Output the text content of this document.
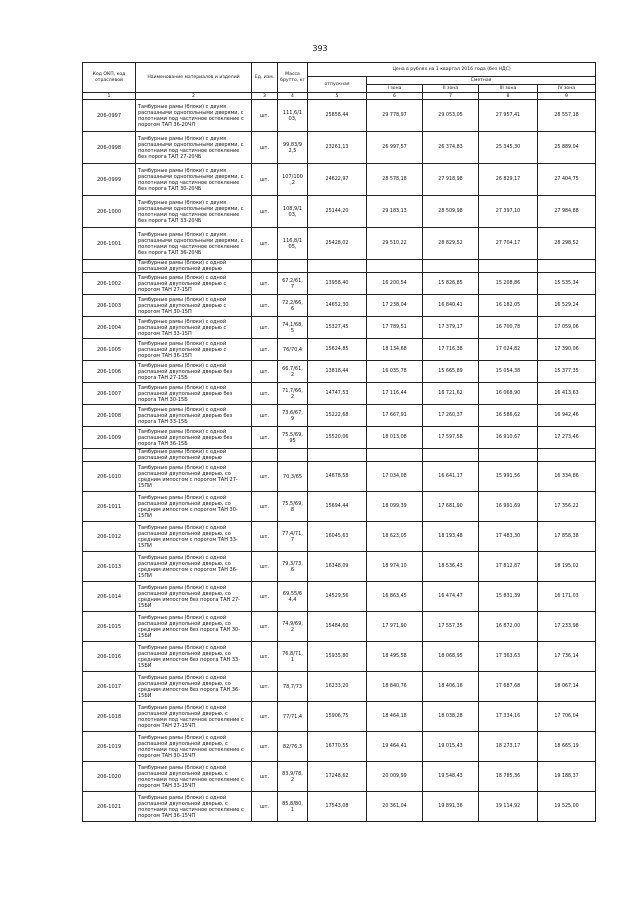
393
Код ОКП, код отраслевой	Наименование материалов и изделий	Ед. изм.	Масса брутто, кг	Цена в рублях на 1 квартал 2016 года (без НДС)				
				отпускная	Сметная			
					I зона	II зона	III зона	IV зона
1	2	3	4	5	6	7	8	9
206-0997	Тамбурные рамы (блоки) с двумя распашными однопольными дверями, с полотнами под частичное остекление с порогом ТАП 36-20ЧЛ	шт.	111,6/1 03,	25858,44	29 778,97	29 053,05	27 957,41	28 557,18
206-0998	Тамбурные рамы (блоки) с двумя распашными однопольными дверями, с полотнами под частичное остекление без порога ТАП 27-20ЧБ	шт.	99,83/9 2,5	23261,13	26 997,57	26 374,83	25 345,30	25 889,04
206-0999	Тамбурные рамы (блоки) с двумя распашными однопольными дверями, с полотнами под частичное остекление без порога ТАП 30-20ЧБ	шт.	107/100 ,2	24622,97	28 578,18	27 918,98	26 829,17	27 404,75
206-1000	Тамбурные рамы (блоки) с двумя распашными однопольными дверями, с полотнами под частичное остекление без порога ТАП 33-20ЧБ	шт.	108,9/1 03,	25144,20	29 183,13	28 509,98	27 397,10	27 984,88
206-1001	Тамбурные рамы (блоки) с двумя распашными однопольными дверями, с полотнами под частичное остекление без порога ТАП 36-20ЧБ	шт.	116,8/1 05,	25428,02	29 510,22	28 829,52	27 704,17	28 298,52
	Тамбурные рамы (блоки) с одной распашной двупольной дверью							
206-1002	Тамбурные рамы (блоки) с одной распашной двупольной дверью с порогом ТАН 27-15П	шт.	67,2/61, 7	13958,40	16 200,54	15 826,85	15 208,86	15 535,34
206-1003	Тамбурные рамы (блоки) с одной распашной двупольной дверью с порогом ТАН 30-15П	шт.	72,2/66, 6	14652,30	17 238,04	16 840,41	16 182,05	16 529,24
206-1004	Тамбурные рамы (блоки) с одной распашной двупольной дверью с порогом ТАН 33-15П	шт.	74,1/68, 5	15327,45	17 789,51	17 379,17	16 700,78	17 059,06
206-1005	Тамбурные рамы (блоки) с одной распашной двупольной дверью с порогом ТАН 36-15П	шт.	76/70,4	15624,85	18 134,68	17 716,38	17 024,82	17 390,06
206-1006	Тамбурные рамы (блоки) с одной распашной двупольной дверью без порога ТАН 27-15Б	шт.	66,7/61, 2	13818,44	16 035,78	15 665,89	15 054,38	15 377,35
206-1007	Тамбурные рамы (блоки) с одной распашной двупольной дверью без порога ТАН 30-15Б	шт.	71,7/66, 2	14747,53	17 116,44	16 721,62	16 068,90	16 413,63
206-1008	Тамбурные рамы (блоки) с одной распашной двупольной дверью без порога ТАН 33-15Б	шт.	73,6/67, 9	15222,68	17 667,91	17 260,37	16 586,62	16 942,46
206-1009	Тамбурные рамы (блоки) с одной распашной двупольной дверью без порога ТАН 36-15Б	шт.	75,5/69, 95	15520,06	18 013,08	17 597,58	16 910,67	17 273,46
	Тамбурные рамы (блоки) с одной распашной двупольной дверью							
206-1010	Тамбурные рамы (блоки) с одной распашной двупольной дверью, со средним импостом с порогом ТАН 27-15ПИ	шт.	70,3/65	14678,58	17 034,08	16 641,17	15 991,56	16 334,86
206-1011	Тамбурные рамы (блоки) с одной распашной двупольной дверью, со средним импостом с порогом ТАН 30-15ПИ	шт.	75,5/69, 8	15694,44	18 099,39	17 681,90	16 991,69	17 356,22
206-1012	Тамбурные рамы (блоки) с одной распашной двупольной дверью, со средним импостом с порогом ТАН 33-15ПИ	шт.	77,4/71, 7	16045,63	18 623,05	18 193,48	17 483,30	17 858,38
206-1013	Тамбурные рамы (блоки) с одной распашной двупольной дверью, со средним импостом с порогом ТАН 36-15ПИ	шт.	79,3/73, 6	16348,09	18 974,10	18 536,43	17 812,87	18 195,02
206-1014	Тамбурные рамы (блоки) с одной распашной двупольной дверью, со средним импостом без порога ТАН 27-15БИ	шт.	69,55/6 4,4	14529,56	16 863,45	16 474,47	15 831,39	16 171,03
206-1015	Тамбурные рамы (блоки) с одной распашной двупольной дверью, со средним импостом без порога ТАН 30-15БИ	шт.	74,9/69, 2	15484,60	17 971,90	17 557,35	16 872,00	17 233,98
206-1016	Тамбурные рамы (блоки) с одной распашной двупольной дверью, со средним импостом без порога ТАН 33-15БИ	шт.	76,8/71, 1	15935,80	18 495,58	18 068,95	17 363,63	17 736,14
206-1017	Тамбурные рамы (блоки) с одной распашной двупольной дверью, со средним импостом без порога ТАН 36-15БИ	шт.	78,7/73	16233,20	18 840,76	18 406,16	17 687,68	18 067,14
206-1018	Тамбурные рамы (блоки) с одной распашной двупольной дверью, с полотнами под частичное остекление с порогом ТАН 27-15ЧП	шт.	77/71,4	15906,75	18 464,18	18 038,28	17 334,16	17 706,04
206-1019	Тамбурные рамы (блоки) с одной распашной двупольной дверью, с полотнами под частичное остекление с порогом ТАН 30-15ЧП	шт.	82/76,3	16770,55	19 464,41	19 015,43	18 273,17	18 665,19
206-1020	Тамбурные рамы (блоки) с одной распашной двупольной дверью, с полотнами под частичное остекление с порогом ТАН 33-15ЧП	шт.	83,9/78, 2	17248,62	20 009,99	19 548,43	18 785,36	19 188,37
206-1021	Тамбурные рамы (блоки) с одной распашной двупольной дверью, с полотнами под частичное остекление с порогом ТАН 36-15ЧП	шт.	85,8/80, 1	17543,08	20 361,04	19 891,36	19 114,92	19 525,00
